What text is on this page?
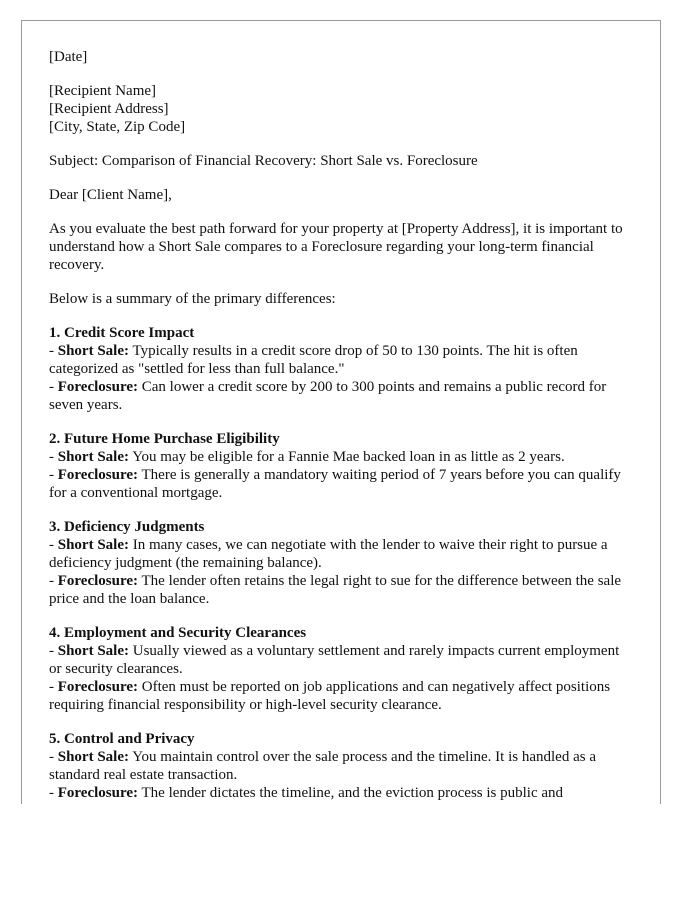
[Date]

[Recipient Name]
[Recipient Address]
[City, State, Zip Code]

Subject: Comparison of Financial Recovery: Short Sale vs. Foreclosure

Dear [Client Name],

As you evaluate the best path forward for your property at [Property Address], it is important to understand how a Short Sale compares to a Foreclosure regarding your long-term financial recovery.

Below is a summary of the primary differences:

1. Credit Score Impact
- Short Sale: Typically results in a credit score drop of 50 to 130 points. The hit is often categorized as "settled for less than full balance."
- Foreclosure: Can lower a credit score by 200 to 300 points and remains a public record for seven years.
2. Future Home Purchase Eligibility
- Short Sale: You may be eligible for a Fannie Mae backed loan in as little as 2 years.
- Foreclosure: There is generally a mandatory waiting period of 7 years before you can qualify for a conventional mortgage.
3. Deficiency Judgments
- Short Sale: In many cases, we can negotiate with the lender to waive their right to pursue a deficiency judgment (the remaining balance).
- Foreclosure: The lender often retains the legal right to sue for the difference between the sale price and the loan balance.
4. Employment and Security Clearances
- Short Sale: Usually viewed as a voluntary settlement and rarely impacts current employment or security clearances.
- Foreclosure: Often must be reported on job applications and can negatively affect positions requiring financial responsibility or high-level security clearance.
5. Control and Privacy
- Short Sale: You maintain control over the sale process and the timeline. It is handled as a standard real estate transaction.
- Foreclosure: The lender dictates the timeline, and the eviction process is public and
